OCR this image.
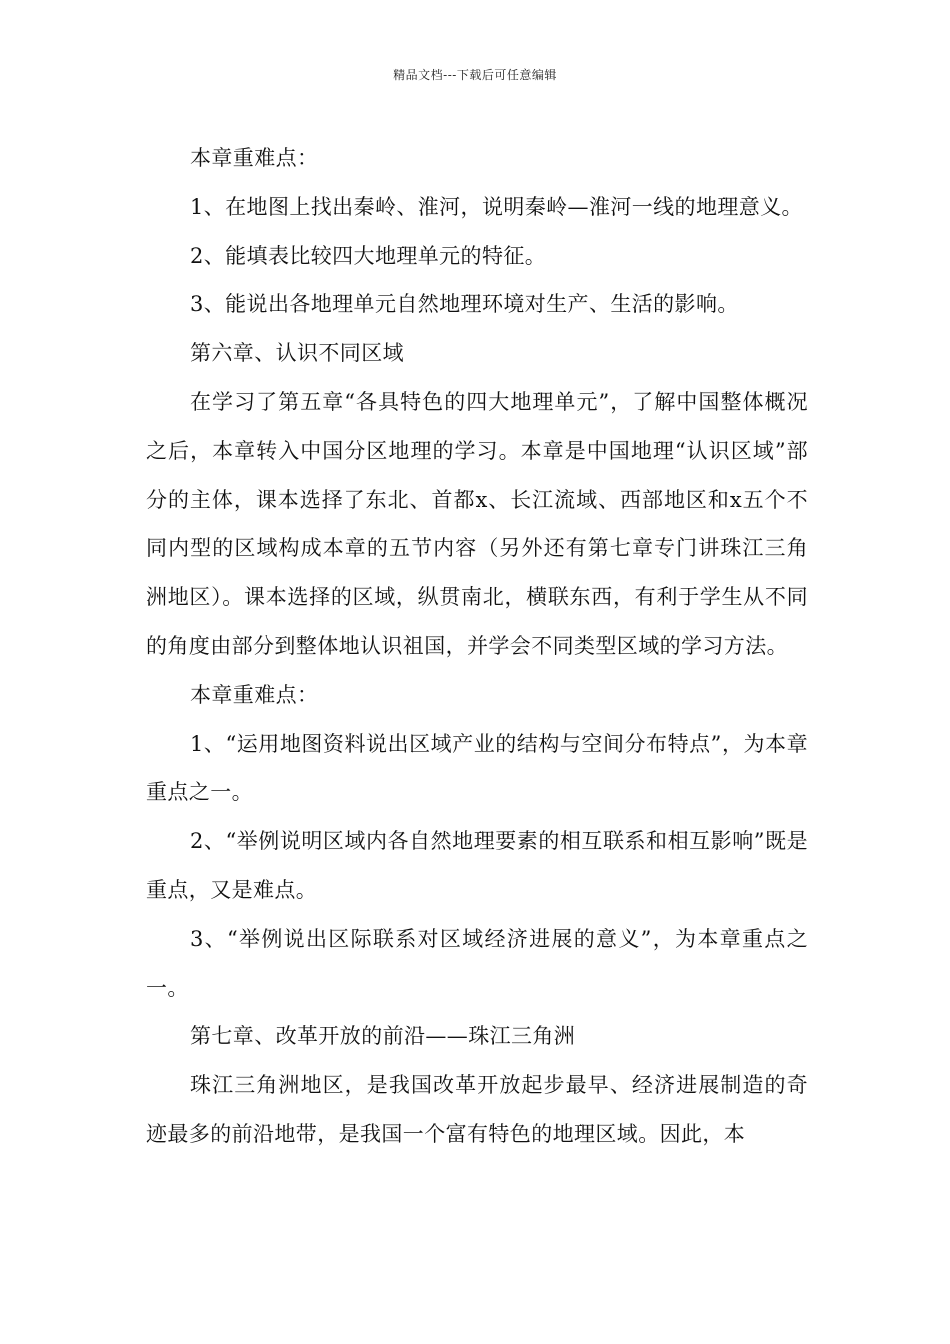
精品文档---下载后可任意编辑

本章重难点：

1、在地图上找出秦岭、淮河，说明秦岭—淮河一线的地理意义。

2、能填表比较四大地理单元的特征。

3、能说出各地理单元自然地理环境对生产、生活的影响。

第六章、认识不同区域

在学习了第五章“各具特色的四大地理单元”，了解中国整体概况之后，本章转入中国分区地理的学习。本章是中国地理“认识区域”部分的主体，课本选择了东北、首都x、长江流域、西部地区和x五个不同内型的区域构成本章的五节内容（另外还有第七章专门讲珠江三角洲地区）。课本选择的区域，纵贯南北，横联东西，有利于学生从不同的角度由部分到整体地认识祖国，并学会不同类型区域的学习方法。

本章重难点：

1、“运用地图资料说出区域产业的结构与空间分布特点”，为本章重点之一。

2、“举例说明区域内各自然地理要素的相互联系和相互影响”既是重点，又是难点。

3、“举例说出区际联系对区域经济进展的意义”，为本章重点之一。

第七章、改革开放的前沿——珠江三角洲

珠江三角洲地区，是我国改革开放起步最早、经济进展制造的奇迹最多的前沿地带，是我国一个富有特色的地理区域。因此，本
